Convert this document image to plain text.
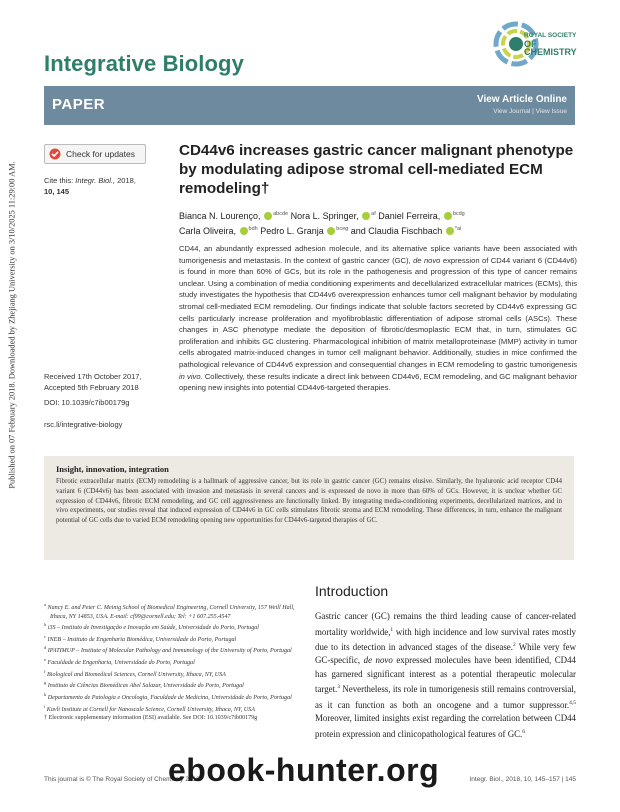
Published on 07 February 2018. Downloaded by Zhejiang University on 3/10/2025 11:29:00 AM.
Integrative Biology
ROYAL SOCIETY
OF CHEMISTRY
PAPER	View Article Online
View Journal | View Issue
Check for updates
Cite this: Integr. Biol., 2018,
10, 145
Received 17th October 2017,
Accepted 5th February 2018
DOI: 10.1039/c7ib00179g
rsc.li/integrative-biology
CD44v6 increases gastric cancer malignant phenotype by modulating adipose stromal cell-mediated ECM remodeling†
Bianca N. Lourenço, $^{abcde}$ Nora L. Springer, $^{af}$ Daniel Ferreira, $^{bcdg}$
Carla Oliveira, $^{bdh}$ Pedro L. Granja $^{bceg}$ and Claudia Fischbach $^{*ai}$
CD44, an abundantly expressed adhesion molecule, and its alternative splice variants have been associated with tumorigenesis and metastasis. In the context of gastric cancer (GC), de novo expression of CD44 variant 6 (CD44v6) is found in more than 60% of GCs, but its role in the pathogenesis and progression of this type of cancer remains unclear. Using a combination of media conditioning experiments and decellularized extracellular matrices (ECMs), this study investigates the hypothesis that CD44v6 overexpression enhances tumor cell malignant behavior by modulating stromal cell-mediated ECM remodeling. Our findings indicate that soluble factors secreted by CD44v6 expressing GC cells particularly increase proliferation and myofibroblastic differentiation of adipose stromal cells (ASCs). These changes in ASC phenotype mediate the deposition of fibrotic/desmoplastic ECM that, in turn, stimulates GC proliferation and inhibits GC clustering. Pharmacological inhibition of matrix metalloproteinase (MMP) activity in tumor cells abrogated matrix-induced changes in tumor cell malignant behavior. Additionally, studies in mice confirmed the pathological relevance of CD44v6 expression and consequential changes in ECM remodeling to gastric tumorigenesis in vivo. Collectively, these results indicate a direct link between CD44v6, ECM remodeling, and GC malignant behavior opening new insights into potential CD44v6-targeted therapies.
Insight, innovation, integration
Fibrotic extracellular matrix (ECM) remodeling is a hallmark of aggressive cancer, but its role in gastric cancer (GC) remains elusive. Similarly, the hyaluronic acid receptor CD44 variant 6 (CD44v6) has been associated with invasion and metastasis in several cancers and is expressed de novo in more than 60% of GCs. However, it is unclear whether GC expression of CD44v6, fibrotic ECM remodeling, and GC cell aggressiveness are functionally linked. By integrating media-conditioning experiments, decellularized matrices, and in vivo experiments, our studies reveal that induced expression of CD44v6 in GC cells stimulates fibrotic stroma and ECM remodeling. These differences, in turn, enhance the malignant potential of GC cells due to varied ECM remodeling opening new opportunities for CD44v6-targeted therapies of GC.
$^a$ Nancy E. and Peter C. Meinig School of Biomedical Engineering, Cornell University, 157 Weill Hall, Ithaca, NY 14853, USA. E-mail: cf99@cornell.edu; Tel: +1 607.255.4547
$^b$ i3S – Instituto de Investigação e Inovação em Saúde, Universidade do Porto, Portugal
$^c$ INEB – Instituto de Engenharia Biomédica, Universidade do Porto, Portugal
$^d$ IPATIMUP – Institute of Molecular Pathology and Immunology of the University of Porto, Portugal
$^e$ Faculdade de Engenharia, Universidade do Porto, Portugal
$^f$ Biological and Biomedical Sciences, Cornell University, Ithaca, NY, USA
$^g$ Instituto de Ciências Biomédicas Abel Salazar, Universidade do Porto, Portugal
$^h$ Departamento de Patologia e Oncologia, Faculdade de Medicina, Universidade do Porto, Portugal
$^i$ Kavli Institute at Cornell for Nanoscale Science, Cornell University, Ithaca, NY, USA
† Electronic supplementary information (ESI) available. See DOI: 10.1039/c7ib00179g
Introduction
Gastric cancer (GC) remains the third leading cause of cancer-related mortality worldwide,$^1$ with high incidence and low survival rates mostly due to its detection in advanced stages of the disease.$^2$ While very few GC-specific, de novo expressed molecules have been identified, CD44 has garnered significant interest as a potential therapeutic molecular target.$^3$ Nevertheless, its role in tumorigenesis still remains controversial, as it can function as both an oncogene and a tumor suppressor.$^{4,5}$ Moreover, limited insights exist regarding the correlation between CD44 protein expression and clinicopathological features of GC.$^6$
This journal is © The Royal Society of Chemistry 2018	Integr. Biol., 2018, 10, 145–157 | 145
ebook-hunter.org
